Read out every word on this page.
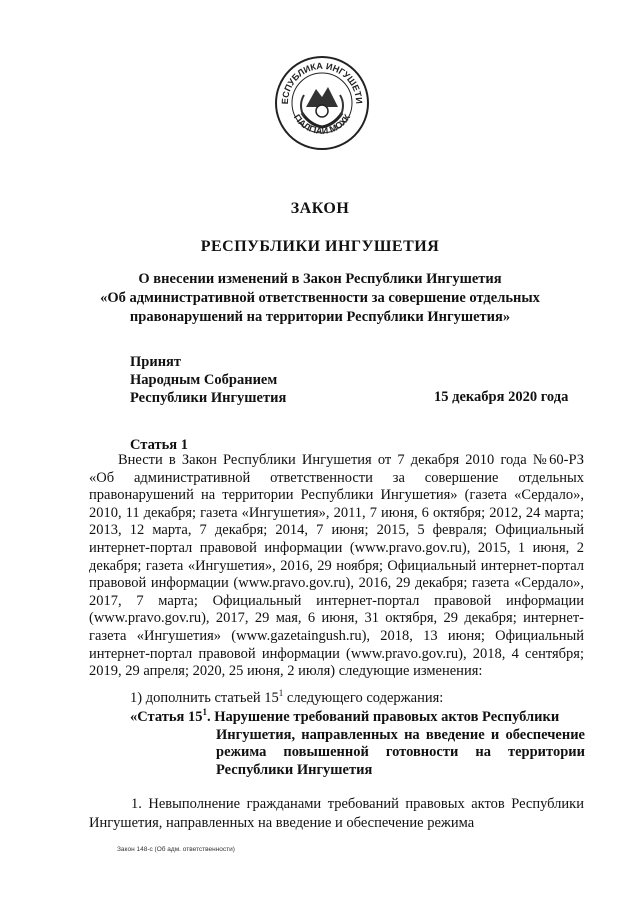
ЕСПУБЛИКА ИНГУШЕТИ
ГIАЛГIАЙ МОХК
ЗАКОН
РЕСПУБЛИКИ ИНГУШЕТИЯ
О внесении изменений в Закон Республики Ингушетия
«Об административной ответственности за совершение отдельных
правонарушений на территории Республики Ингушетия»
Принят
Народным Собранием
Республики Ингушетия	15 декабря 2020 года
Статья 1

Внести в Закон Республики Ингушетия от 7 декабря 2010 года №60-РЗ «Об административной ответственности за совершение отдельных правонарушений на территории Республики Ингушетия» (газета «Сердало», 2010, 11 декабря; газета «Ингушетия», 2011, 7 июня, 6 октября; 2012, 24 марта; 2013, 12 марта, 7 декабря; 2014, 7 июня; 2015, 5 февраля; Официальный интернет-портал правовой информации (www.pravo.gov.ru), 2015, 1 июня, 2 декабря; газета «Ингушетия», 2016, 29 ноября; Официальный интернет-портал правовой информации (www.pravo.gov.ru), 2016, 29 декабря; газета «Сердало», 2017, 7 марта; Официальный интернет-портал правовой информации (www.pravo.gov.ru), 2017, 29 мая, 6 июня, 31 октября, 29 декабря; интернет-газета «Ингушетия» (www.gazetaingush.ru), 2018, 13 июня; Официальный интернет-портал правовой информации (www.pravo.gov.ru), 2018, 4 сентября; 2019, 29 апреля; 2020, 25 июня, 2 июля) следующие изменения:

1) дополнить статьей $15^1$ следующего содержания:
«Статья $15^1$. Нарушение требований правовых актов Республики
Ингушетия, направленных на введение и обеспечение режима повышенной готовности на территории Республики Ингушетия

1. Невыполнение гражданами требований правовых актов Республики Ингушетия, направленных на введение и обеспечение режима

Закон 148-с (Об адм. ответственности)
